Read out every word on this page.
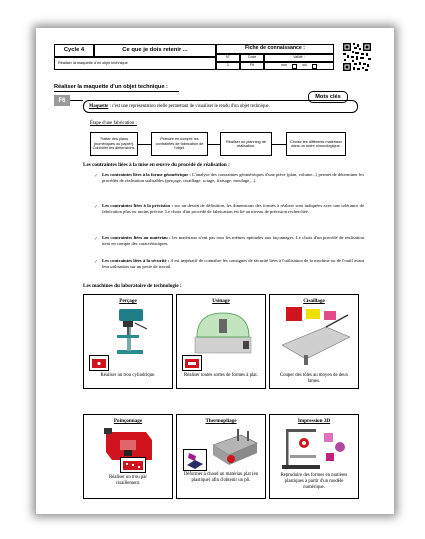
Cycle 4	Ce que je dois retenir ...	Fiche de connaissance :
N°	Code	Validé :
Réaliser la maquette d'un objet technique
1	F6	non	oui
Réaliser la maquette d'un objet technique :
F6
Mots clés
Maquette : c'est une représentation réelle permettant de visualiser le rendu d'un objet technique.
Étape d'une fabrication :
Traiter des plans (numériques ou papier). Contrôler les dimensions.
Prendre en compte les contraintes de fabrication de l'objet.
Réaliser un planning de réalisation.
Choisir les différents matériaux dans un ordre chronologique.
Les contraintes liées à la mise en œuvre du procédé de réalisation :
✓ Les contraintes liées à la forme géométrique : L'analyse des contraintes géométriques d'une pièce (plan, volume...) permet de déterminer les procédés de réalisation utilisables (perçage, cisaillage, sciage, fraisage, moulage,...).
✓ Les contraintes liées à la précision : sur un dessin de définition, les dimensions des formes à réaliser sont indiquées avec une tolérance de fabrication plus ou moins précise. Le choix d'un procédé de fabrication est lié au niveau de précision recherchée.
✓ Les contraintes liées au matériau : les matériaux n'ont pas tous les mêmes aptitudes aux façonnages. Le choix d'un procédé de réalisation tient en compte des caractéristiques.
✓ Les contraintes liées à la sécurité : il est impératif de connaître les consignes de sécurité liées à l'utilisation de la machine ou de l'outil avant leur utilisation sur un poste de travail.
Les machines du laboratoire de technologie :
Perçage
Réaliser un trou cylindrique.
Usinage
Réaliser toutes sortes de formes à plat.
Cisaillage
Couper des tôles au moyen de deux lames.
Poinçonnage
Réaliser un trou par cisaillement.
Thermopliage
Déformer à chaud un matériau plat (en plastique) afin d'obtenir un pli.
Impression 3D
Reproduire des formes en matières plastiques à partir d'un modèle numérique.
